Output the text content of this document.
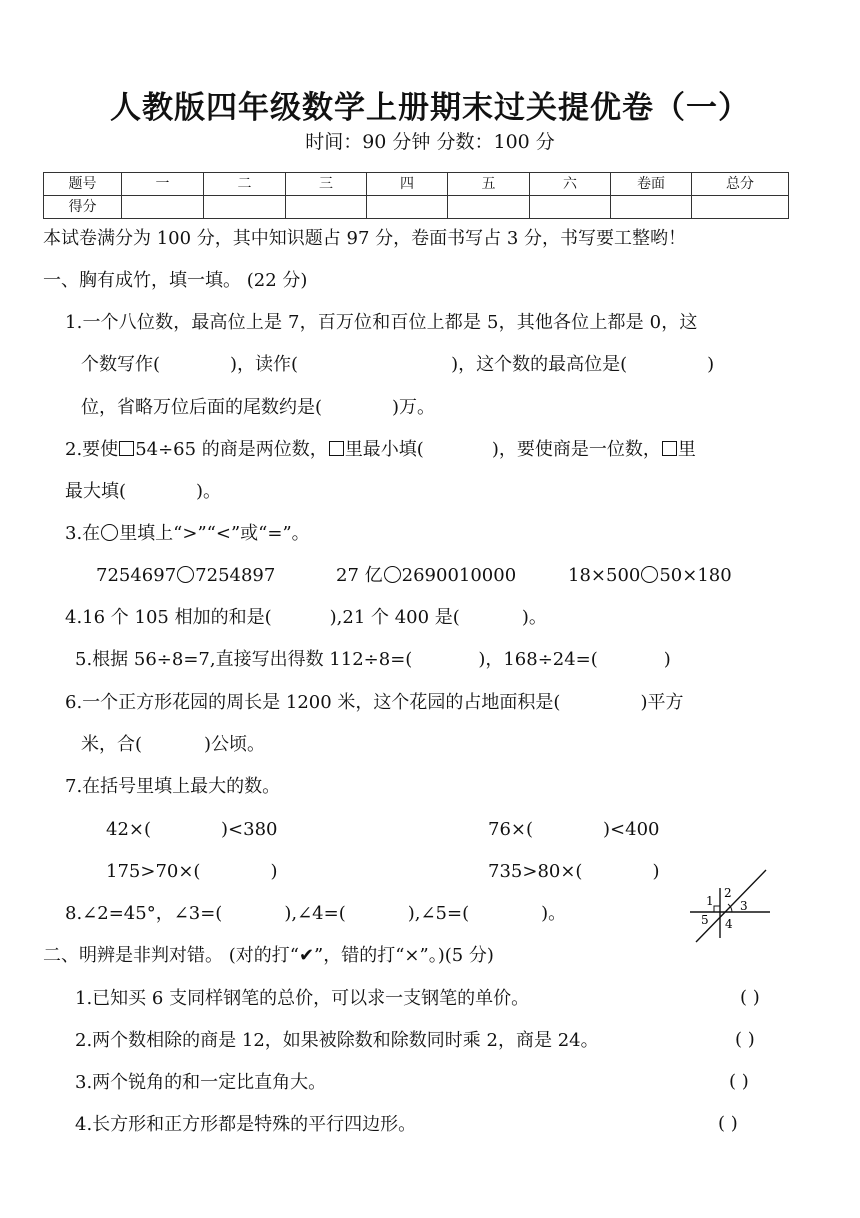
人教版四年级数学上册期末过关提优卷（一）
时间：90 分钟 分数：100 分
题号	一	二	三	四	五	六	卷面	总分
得分								
本试卷满分为 100 分，其中知识题占 97 分，卷面书写占 3 分，书写要工整哟！
一、胸有成竹，填一填。 (22 分)
1.一个八位数，最高位上是 7，百万位和百位上都是 5，其他各位上都是 0，这
个数写作(	)，读作(	)，这个数的最高位是(	)
位，省略万位后面的尾数约是(	)万。
2.要使 54÷65 的商是两位数， 里最小填(	)，要使商是一位数， 里
最大填(	)。
3.在 里填上“>”“<”或“=”。
7254697 7254897	27 亿 2690010000	18×500 50×180
4.16 个 105 相加的和是(	),21 个 400 是(	)。
5.根据 56÷8=7,直接写出得数 112÷8=(	)，168÷24=(	)
6.一个正方形花园的周长是 1200 米，这个花园的占地面积是(	)平方
米，合(	)公顷。
7.在括号里填上最大的数。
42×(	)<380	76×(	)<400
175>70×(	)	735>80×(	)
8.∠2=45°，∠3=(	),∠4=(	),∠5=(	)。
1
2
3
4
5
二、明辨是非判对错。 (对的打“✔”，错的打“×”。)(5 分)
1.已知买 6 支同样钢笔的总价，可以求一支钢笔的单价。	( )
2.两个数相除的商是 12，如果被除数和除数同时乘 2，商是 24。	( )
3.两个锐角的和一定比直角大。	( )
4.长方形和正方形都是特殊的平行四边形。	( )
